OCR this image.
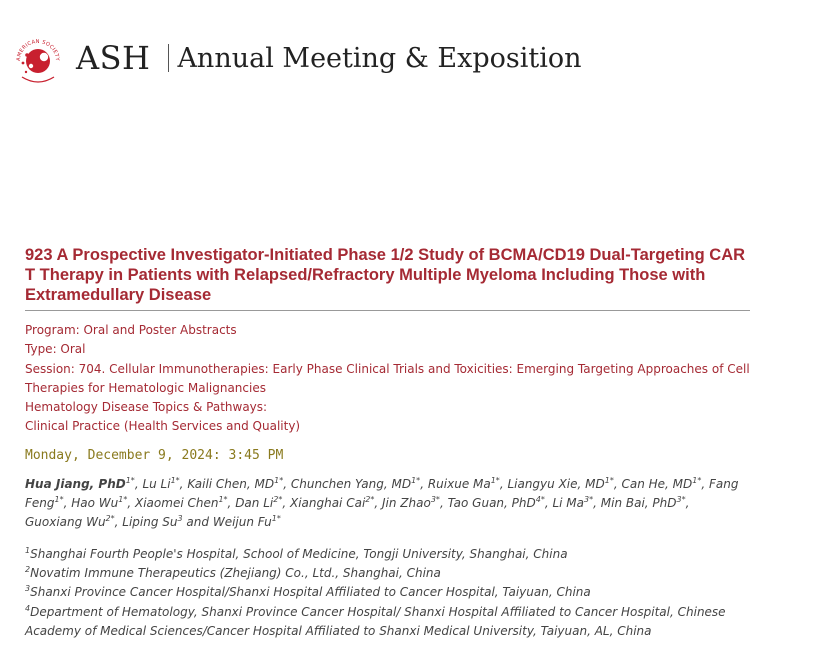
AMERICAN SOCIETY ASH Annual Meeting & Exposition
923 A Prospective Investigator-Initiated Phase 1/2 Study of BCMA/CD19 Dual-Targeting CAR T Therapy in Patients with Relapsed/Refractory Multiple Myeloma Including Those with Extramedullary Disease
Program: Oral and Poster Abstracts
Type: Oral
Session: 704. Cellular Immunotherapies: Early Phase Clinical Trials and Toxicities: Emerging Targeting Approaches of Cell Therapies for Hematologic Malignancies
Hematology Disease Topics & Pathways:
Clinical Practice (Health Services and Quality)
Monday, December 9, 2024: 3:45 PM
Hua Jiang, PhD$^{1*}$, Lu $Li^{1*}$, Kaili Chen, $MD^{1*}$, Chunchen Yang, $MD^{1*}$, Ruixue $Ma^{1*}$, Liangyu Xie, $MD^{1*}$, Can He, $MD^{1*}$, Fang Feng$^{1*}$, Hao $Wu^{1*}$, Xiaomei Chen$^{1*}$, Dan $Li^{2*}$, Xianghai Cai$^{2*}$, Jin Zhao$^{3*}$, Tao Guan, PhD$^{4*}$, Li $Ma^{3*}$, Min Bai, PhD$^{3*}$, Guoxiang $Wu^{2*}$, Liping Su$^3$ and Weijun $Fu^{1*}$
$^1$Shanghai Fourth People's Hospital, School of Medicine, Tongji University, Shanghai, China
$^2$Novatim Immune Therapeutics (Zhejiang) Co., Ltd., Shanghai, China
$^3$Shanxi Province Cancer Hospital/Shanxi Hospital Affiliated to Cancer Hospital, Taiyuan, China
$^4$Department of Hematology, Shanxi Province Cancer Hospital/ Shanxi Hospital Affiliated to Cancer Hospital, Chinese Academy of Medical Sciences/Cancer Hospital Affiliated to Shanxi Medical University, Taiyuan, AL, China
